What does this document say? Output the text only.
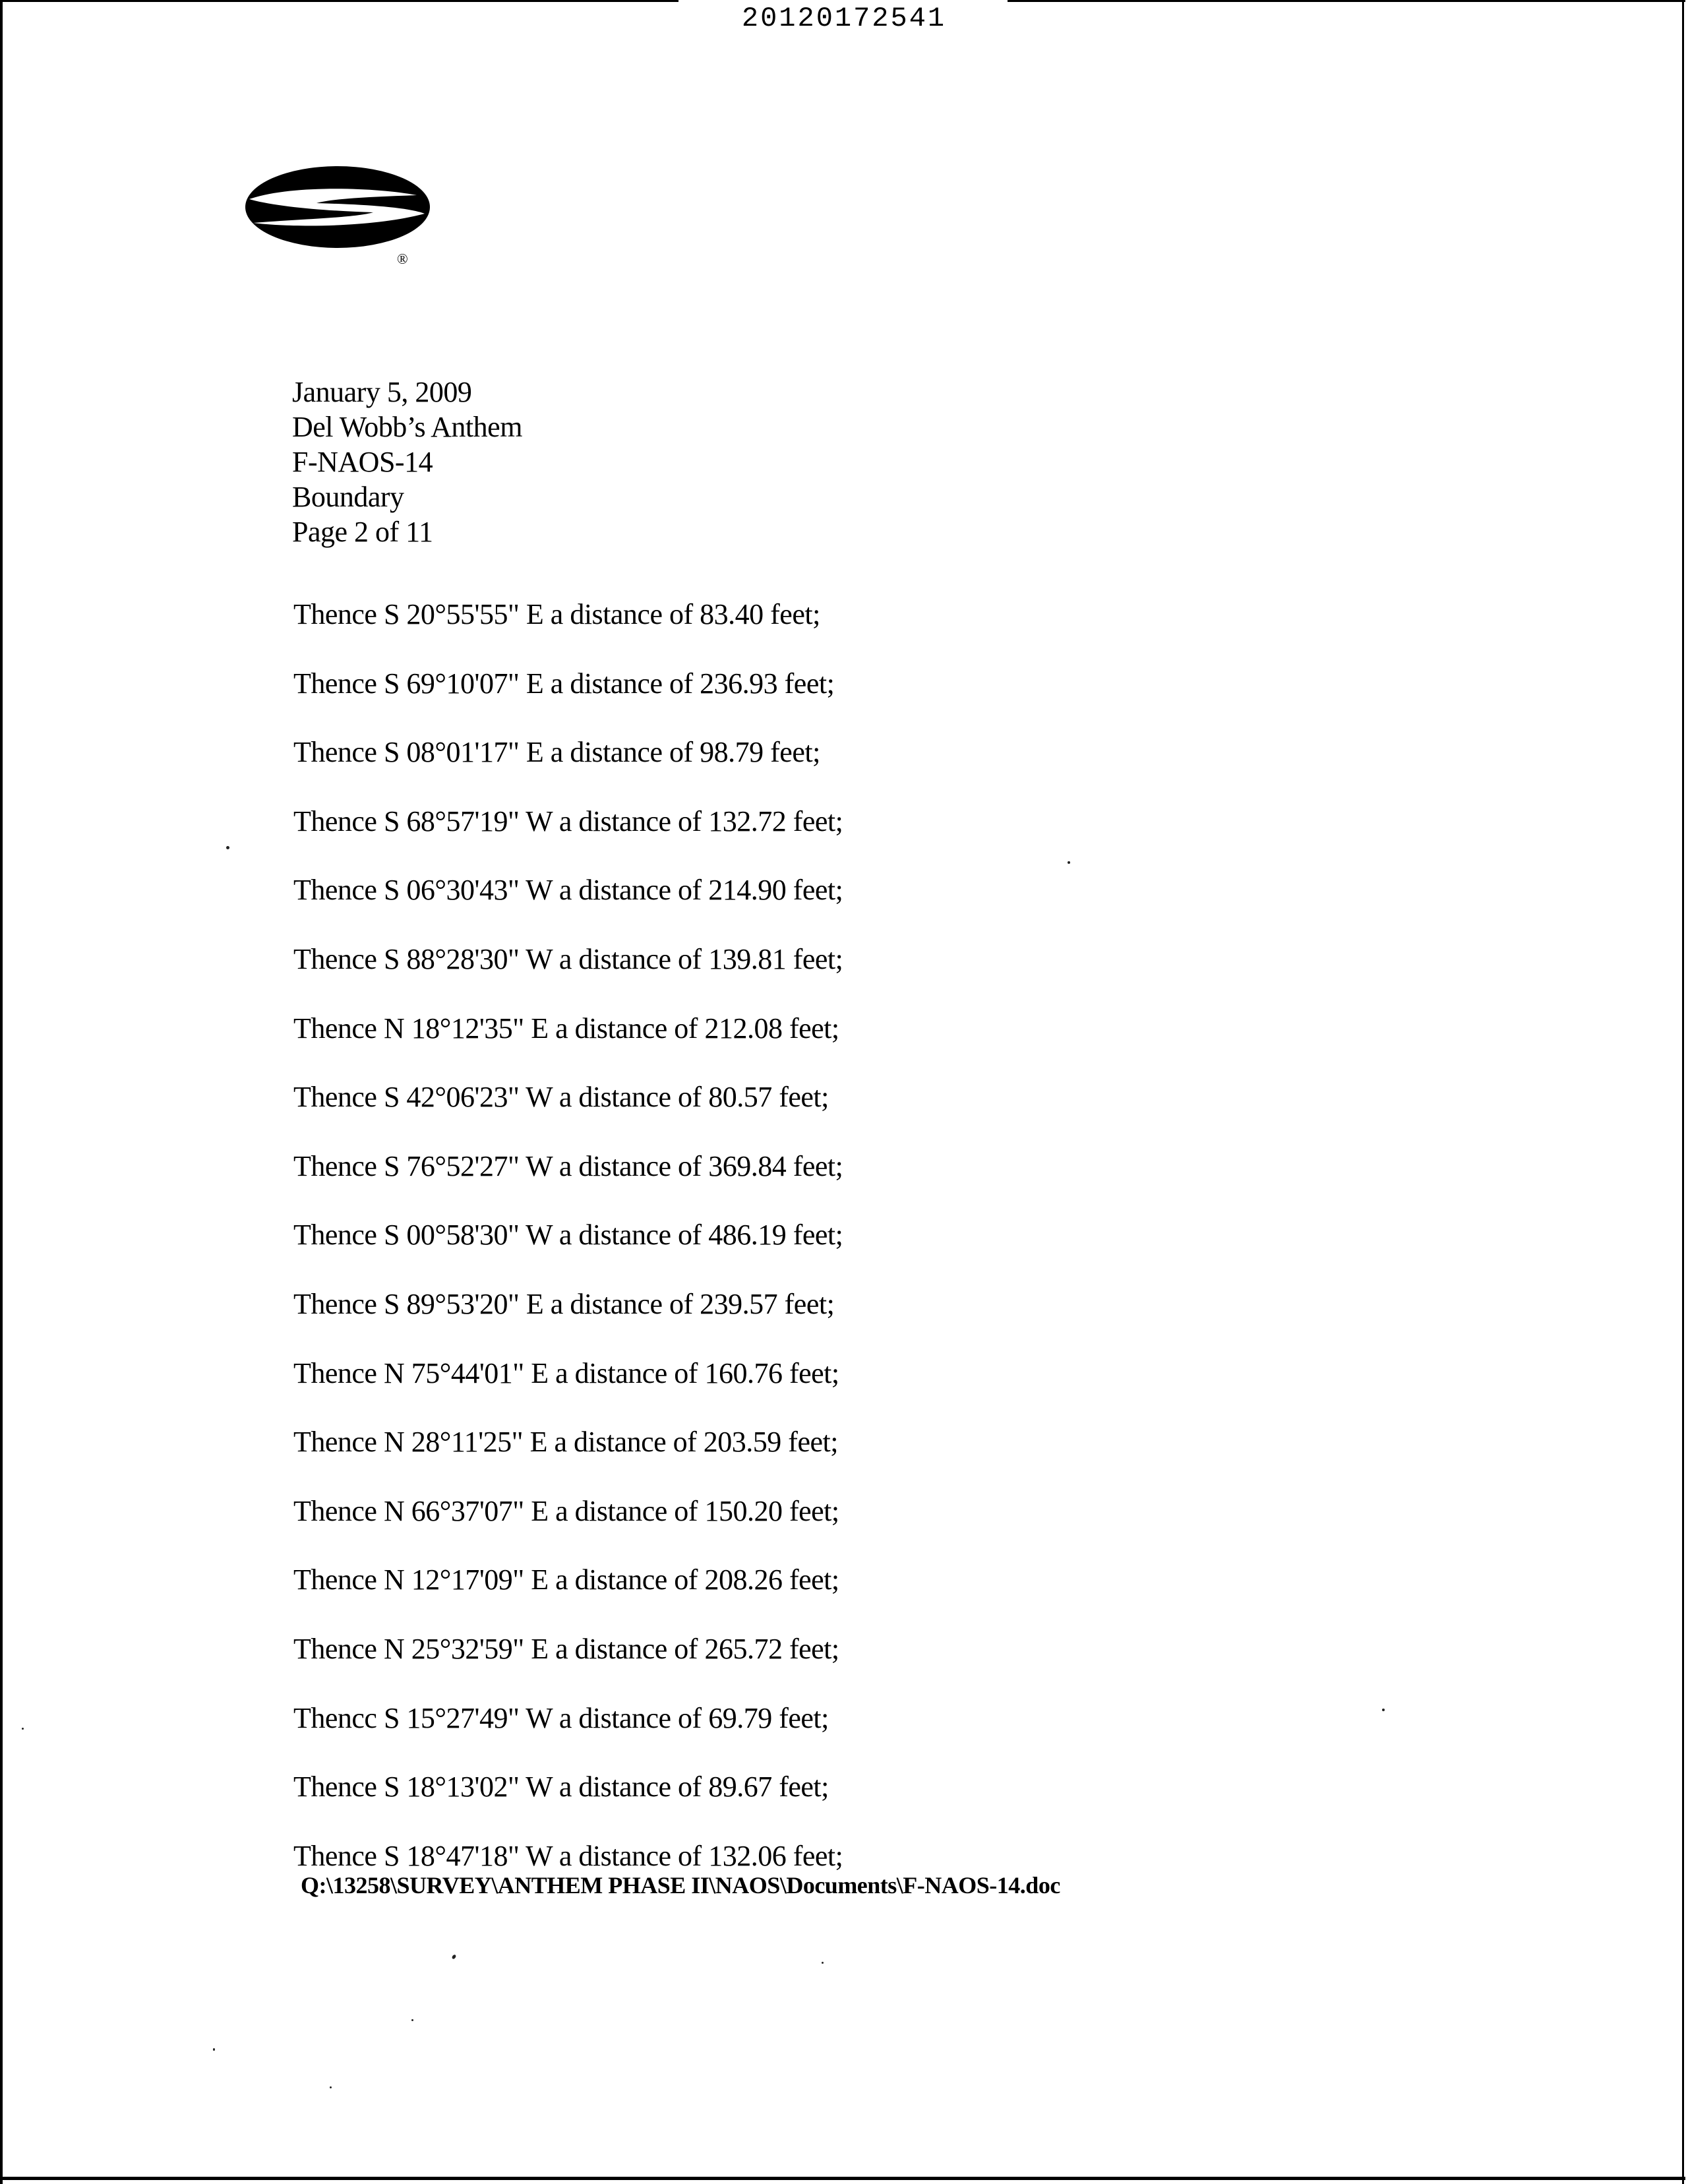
20120172541
®
January 5, 2009
Del Wobb’s Anthem
F-NAOS-14
Boundary
Page 2 of 11
Thence S 20°55'55" E a distance of 83.40 feet;
Thence S 69°10'07" E a distance of 236.93 feet;
Thence S 08°01'17" E a distance of 98.79 feet;
Thence S 68°57'19" W a distance of 132.72 feet;
Thence S 06°30'43" W a distance of 214.90 feet;
Thence S 88°28'30" W a distance of 139.81 feet;
Thence N 18°12'35" E a distance of 212.08 feet;
Thence S 42°06'23" W a distance of 80.57 feet;
Thence S 76°52'27" W a distance of 369.84 feet;
Thence S 00°58'30" W a distance of 486.19 feet;
Thence S 89°53'20" E a distance of 239.57 feet;
Thence N 75°44'01" E a distance of 160.76 feet;
Thence N 28°11'25" E a distance of 203.59 feet;
Thence N 66°37'07" E a distance of 150.20 feet;
Thence N 12°17'09" E a distance of 208.26 feet;
Thence N 25°32'59" E a distance of 265.72 feet;
Thencc S 15°27'49" W a distance of 69.79 feet;
Thence S 18°13'02" W a distance of 89.67 feet;
Thence S 18°47'18" W a distance of 132.06 feet;
Q:\13258\SURVEY\ANTHEM PHASE II\NAOS\Documents\F-NAOS-14.doc
